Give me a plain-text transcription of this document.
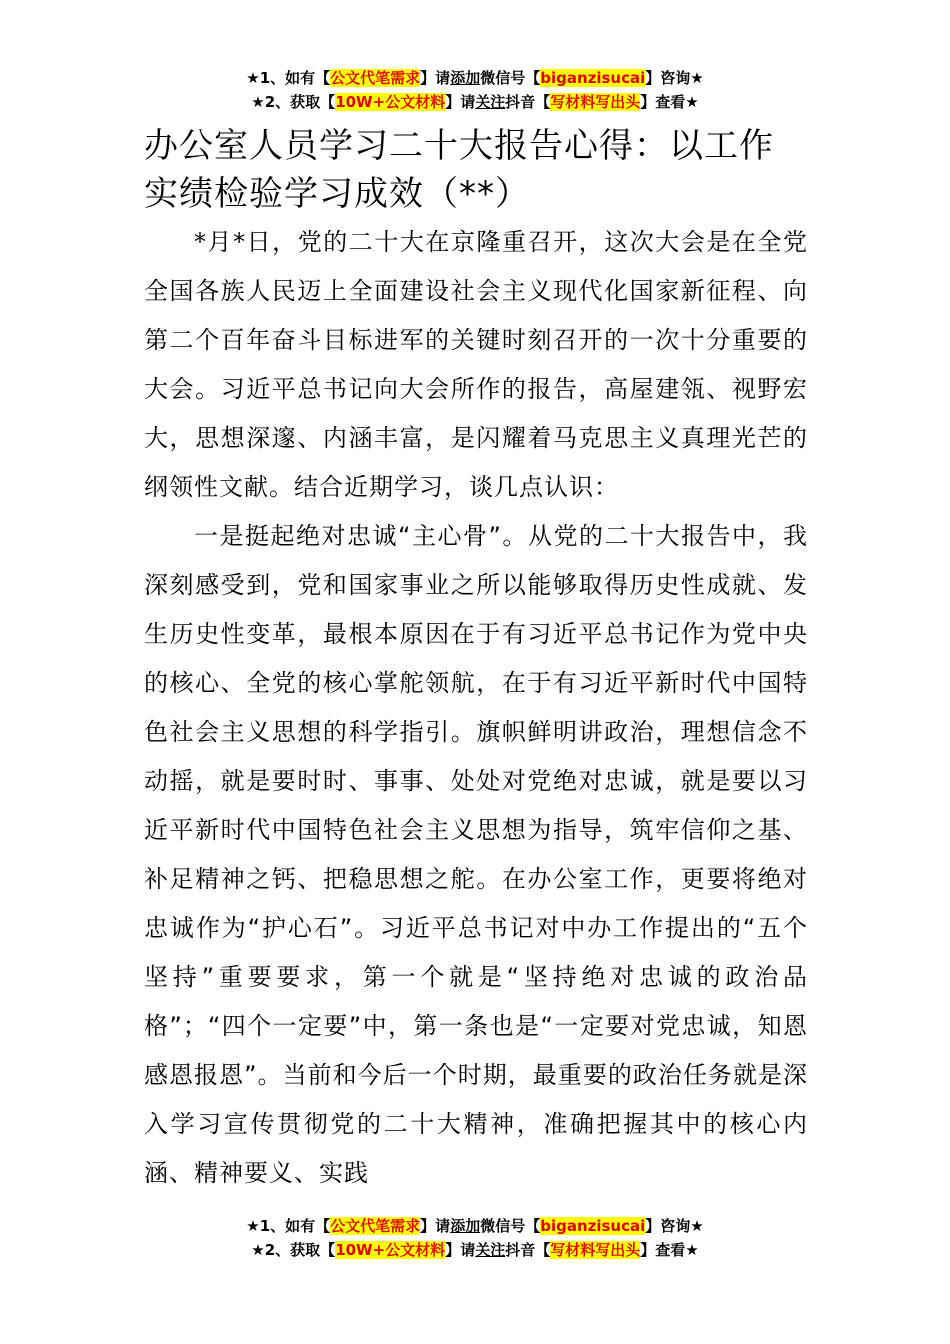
★1、如有【公文代笔需求】请添加微信号【biganzisucai】咨询★
★2、获取【10W+公文材料】请关注抖音【写材料写出头】查看★
办公室人员学习二十大报告心得：以工作实绩检验学习成效（**）

*月*日，党的二十大在京隆重召开，这次大会是在全党全国各族人民迈上全面建设社会主义现代化国家新征程、向第二个百年奋斗目标进军的关键时刻召开的一次十分重要的大会。习近平总书记向大会所作的报告，高屋建瓴、视野宏大，思想深邃、内涵丰富，是闪耀着马克思主义真理光芒的纲领性文献。结合近期学习，谈几点认识：

一是挺起绝对忠诚“主心骨”。从党的二十大报告中，我深刻感受到，党和国家事业之所以能够取得历史性成就、发生历史性变革，最根本原因在于有习近平总书记作为党中央的核心、全党的核心掌舵领航，在于有习近平新时代中国特色社会主义思想的科学指引。旗帜鲜明讲政治，理想信念不动摇，就是要时时、事事、处处对党绝对忠诚，就是要以习近平新时代中国特色社会主义思想为指导，筑牢信仰之基、补足精神之钙、把稳思想之舵。在办公室工作，更要将绝对忠诚作为“护心石”。习近平总书记对中办工作提出的“五个坚持”重要要求，第一个就是“坚持绝对忠诚的政治品格”；“四个一定要”中，第一条也是“一定要对党忠诚，知恩感恩报恩”。当前和今后一个时期，最重要的政治任务就是深入学习宣传贯彻党的二十大精神，准确把握其中的核心内涵、精神要义、实践

★1、如有【公文代笔需求】请添加微信号【biganzisucai】咨询★
★2、获取【10W+公文材料】请关注抖音【写材料写出头】查看★
